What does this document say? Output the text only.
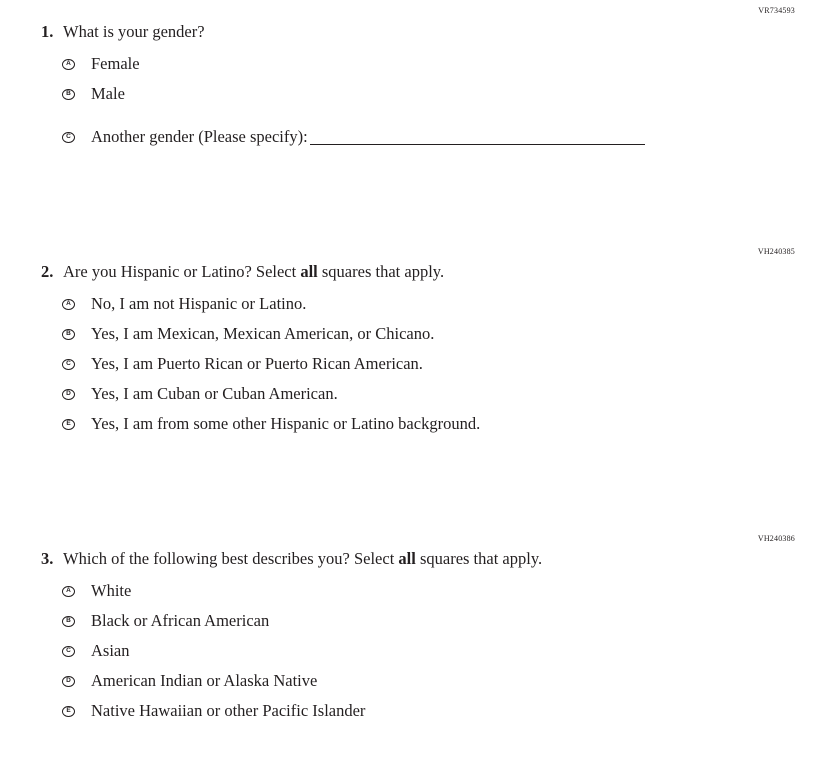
VR734593
1. What is your gender?
A Female
B Male
C Another gender (Please specify):
VH240385
2. Are you Hispanic or Latino? Select all squares that apply.
A No, I am not Hispanic or Latino.
B Yes, I am Mexican, Mexican American, or Chicano.
C Yes, I am Puerto Rican or Puerto Rican American.
D Yes, I am Cuban or Cuban American.
E Yes, I am from some other Hispanic or Latino background.
VH240386
3. Which of the following best describes you? Select all squares that apply.
A White
B Black or African American
C Asian
D American Indian or Alaska Native
E Native Hawaiian or other Pacific Islander
